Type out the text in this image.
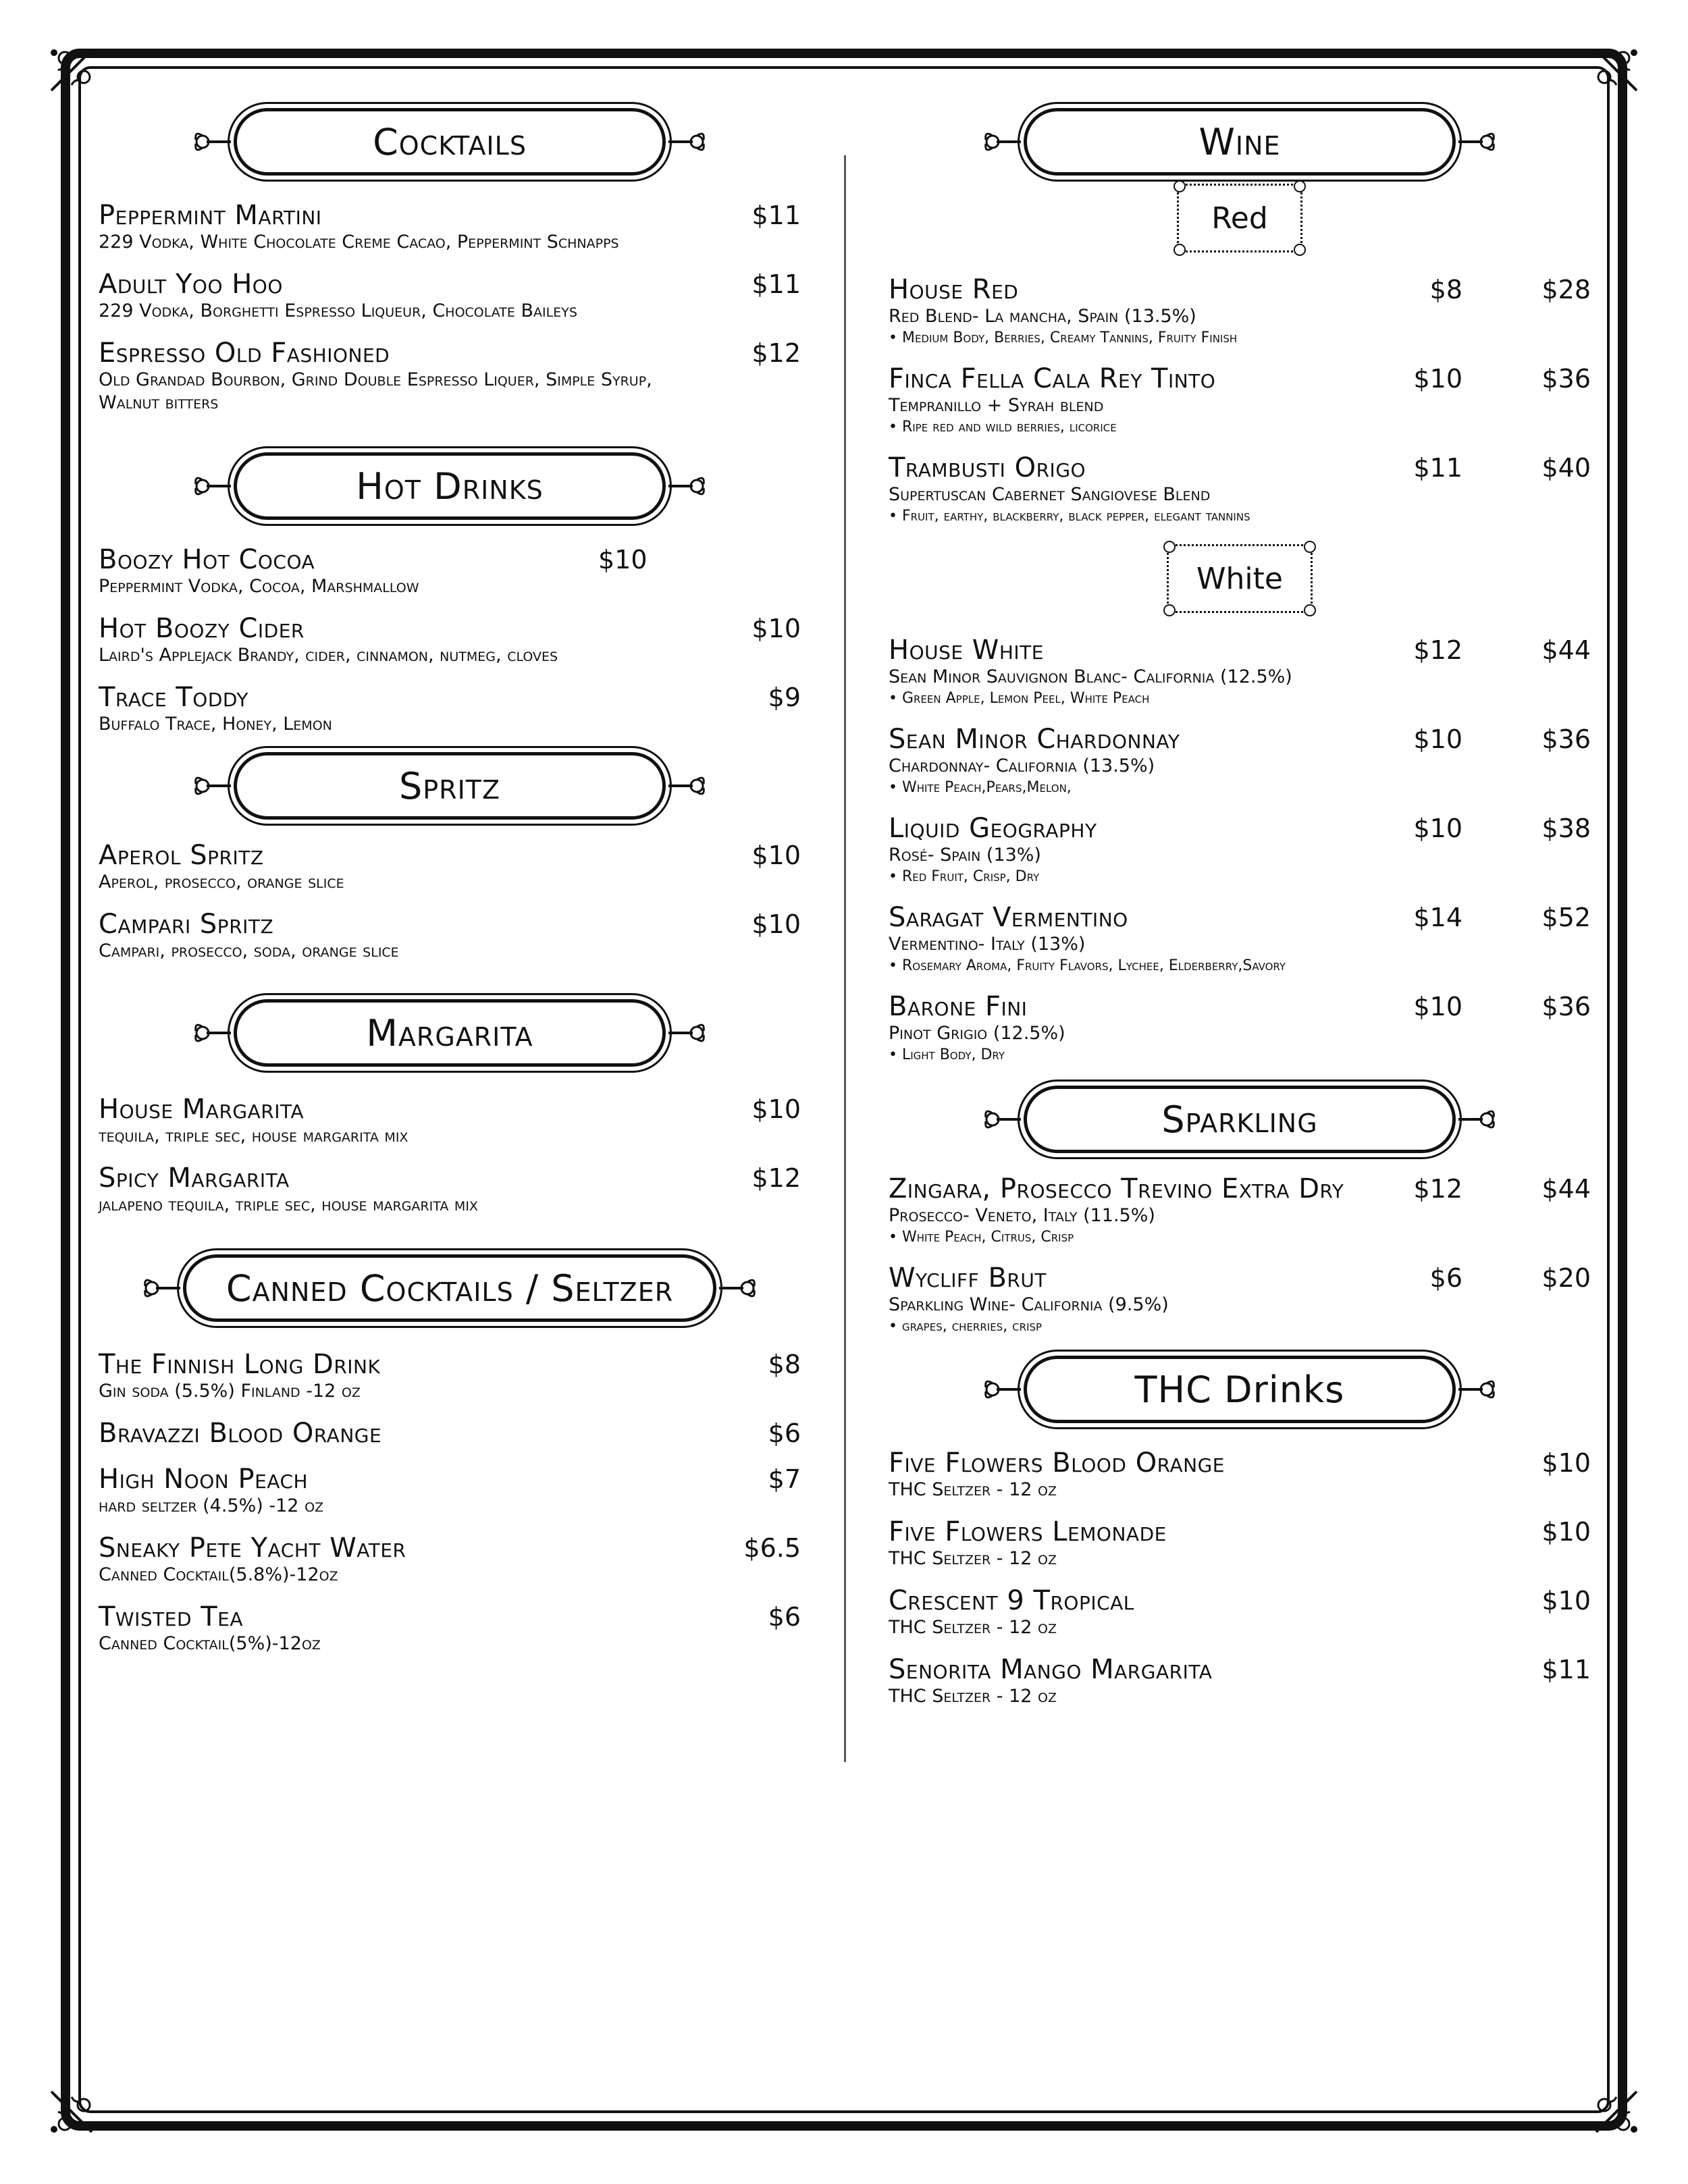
Cocktails
Peppermint Martini
229 Vodka, White Chocolate Creme Cacao, Peppermint Schnapps
$11
Adult Yoo Hoo
229 Vodka, Borghetti Espresso Liqueur, Chocolate Baileys
$11
Espresso Old Fashioned
Old Grandad Bourbon, Grind Double Espresso Liquer, Simple Syrup, Walnut bitters
$12
Hot Drinks
Boozy Hot Cocoa	$10
Peppermint Vodka, Cocoa, Marshmallow
Hot Boozy Cider
Laird's Applejack Brandy, cider, cinnamon, nutmeg, cloves
$10
Trace Toddy
Buffalo Trace, Honey, Lemon
$9
Spritz
Aperol Spritz
Aperol, prosecco, orange slice
$10
Campari Spritz
Campari, prosecco, soda, orange slice
$10
Margarita
House Margarita
tequila, triple sec, house margarita mix
$10
Spicy Margarita
jalapeno tequila, triple sec, house margarita mix
$12
Canned Cocktails / Seltzer
The Finnish Long Drink
Gin soda (5.5%) Finland -12 oz
$8
Bravazzi Blood Orange	$6
High Noon Peach
hard seltzer (4.5%) -12 oz
$7
Sneaky Pete Yacht Water
Canned Cocktail(5.8%)-12oz
$6.5
Twisted Tea
Canned Cocktail(5%)-12oz
$6
Wine
Red
House Red
Red Blend- La mancha, Spain (13.5%)
• Medium Body, Berries, Creamy Tannins, Fruity Finish
$8	$28
Finca Fella Cala Rey Tinto
Tempranillo + Syrah blend
• Ripe red and wild berries, licorice
$10	$36
Trambusti Origo
Supertuscan Cabernet Sangiovese Blend
• Fruit, earthy, blackberry, black pepper, elegant tannins
$11	$40
White
House White
Sean Minor Sauvignon Blanc- California (12.5%)
• Green Apple, Lemon Peel, White Peach
$12	$44
Sean Minor Chardonnay
Chardonnay- California (13.5%)
• White Peach,Pears,Melon,
$10	$36
Liquid Geography
Rosé- Spain (13%)
• Red Fruit, Crisp, Dry
$10	$38
Saragat Vermentino
Vermentino- Italy (13%)
• Rosemary Aroma, Fruity Flavors, Lychee, Elderberry,Savory
$14	$52
Barone Fini
Pinot Grigio (12.5%)
• Light Body, Dry
$10	$36
Sparkling
Zingara, Prosecco Trevino Extra Dry
Prosecco- Veneto, Italy (11.5%)
• White Peach, Citrus, Crisp
$12	$44
Wycliff Brut
Sparkling Wine- California (9.5%)
• grapes, cherries, crisp
$6	$20
THC Drinks
Five Flowers Blood Orange
THC Seltzer - 12 oz
$10
Five Flowers Lemonade
THC Seltzer - 12 oz
$10
Crescent 9 Tropical
THC Seltzer - 12 oz
$10
Senorita Mango Margarita
THC Seltzer - 12 oz
$11
